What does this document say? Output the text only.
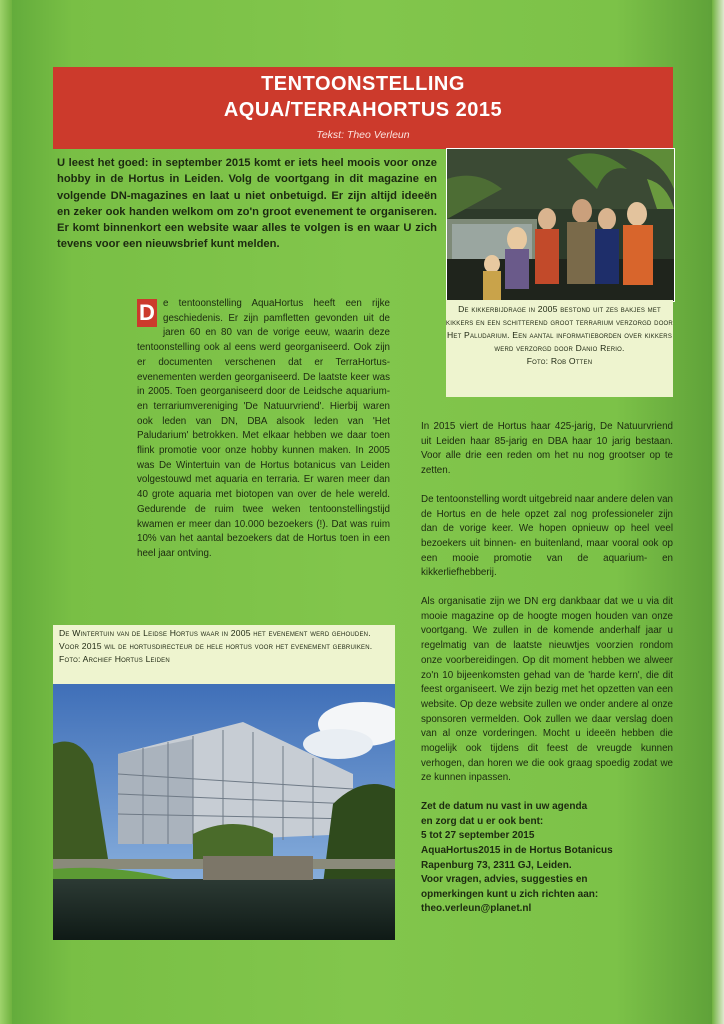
TENTOONSTELLING
AQUA/TERRAHORTUS 2015
Tekst: Theo Verleun

U leest het goed: in september 2015 komt er iets heel moois voor onze hobby in de Hortus in Leiden. Volg de voortgang in dit magazine en volgende DN-magazines en laat u niet onbetuigd. Er zijn altijd ideeën en zeker ook handen welkom om zo'n groot evenement te organiseren. Er komt binnenkort een website waar alles te volgen is en waar U zich tevens voor een nieuwsbrief kunt melden.

De kikkerbijdrage in 2005 bestond uit zes bakjes met kikkers en een schitterend groot terrarium verzorgd door Het Paludarium. Een aantal informatieborden over kikkers werd verzorgd door Danio Rerio.

Foto: Rob Otten

D e tentoonstelling AquaHortus heeft een rijke geschiedenis. Er zijn pamfletten gevonden uit de jaren 60 en 80 van de vorige eeuw, waarin deze tentoonstelling ook al eens werd georganiseerd. Ook zijn er documenten verschenen dat er TerraHortus-evenementen werden georganiseerd. De laatste keer was in 2005. Toen georganiseerd door de Leidsche aquarium- en terrariumvereniging 'De Natuurvriend'. Hierbij waren ook leden van DN, DBA alsook leden van 'Het Paludarium' betrokken. Met elkaar hebben we daar toen flink promotie voor onze hobby kunnen maken. In 2005 was De Wintertuin van de Hortus botanicus van Leiden volgestouwd met aquaria en terraria. Er waren meer dan 40 grote aquaria met biotopen van over de hele wereld. Gedurende de ruim twee weken tentoonstellingstijd kwamen er meer dan 10.000 bezoekers (!). Dat was ruim 10% van het aantal bezoekers dat de Hortus toen in een heel jaar ontving.

De Wintertuin van de Leidse Hortus waar in 2005 het evenement werd gehouden. Voor 2015 wil de hortusdirecteur de hele hortus voor het evenement gebruiken.

Foto: Archief Hortus Leiden

In 2015 viert de Hortus haar 425-jarig, De Natuurvriend uit Leiden haar 85-jarig en DBA haar 10 jarig bestaan. Voor alle drie een reden om het nu nog grootser op te zetten.

De tentoonstelling wordt uitgebreid naar andere delen van de Hortus en de hele opzet zal nog professioneler zijn dan de vorige keer. We hopen opnieuw op heel veel bezoekers uit binnen- en buitenland, maar vooral ook op een mooie promotie van de aquarium- en kikkerliefhebberij.

Als organisatie zijn we DN erg dankbaar dat we u via dit mooie magazine op de hoogte mogen houden van onze voortgang. We zullen in de komende anderhalf jaar u regelmatig van de laatste nieuwtjes voorzien rondom onze voorbereidingen. Op dit moment hebben we alweer zo'n 10 bijeenkomsten gehad van de 'harde kern', die dit feest organiseert. We zijn bezig met het opzetten van een website. Op deze website zullen we onder andere al onze sponsoren vermelden. Ook zullen we daar verslag doen van al onze vorderingen. Mocht u ideeën hebben die mogelijk ook tijdens dit feest de vreugde kunnen verhogen, dan horen we die ook graag spoedig zodat we ze kunnen inpassen.

Zet de datum nu vast in uw agenda
en zorg dat u er ook bent:
5 tot 27 september 2015
AquaHortus2015 in de Hortus Botanicus
Rapenburg 73, 2311 GJ, Leiden.
Voor vragen, advies, suggesties en
opmerkingen kunt u zich richten aan:
theo.verleun@planet.nl
